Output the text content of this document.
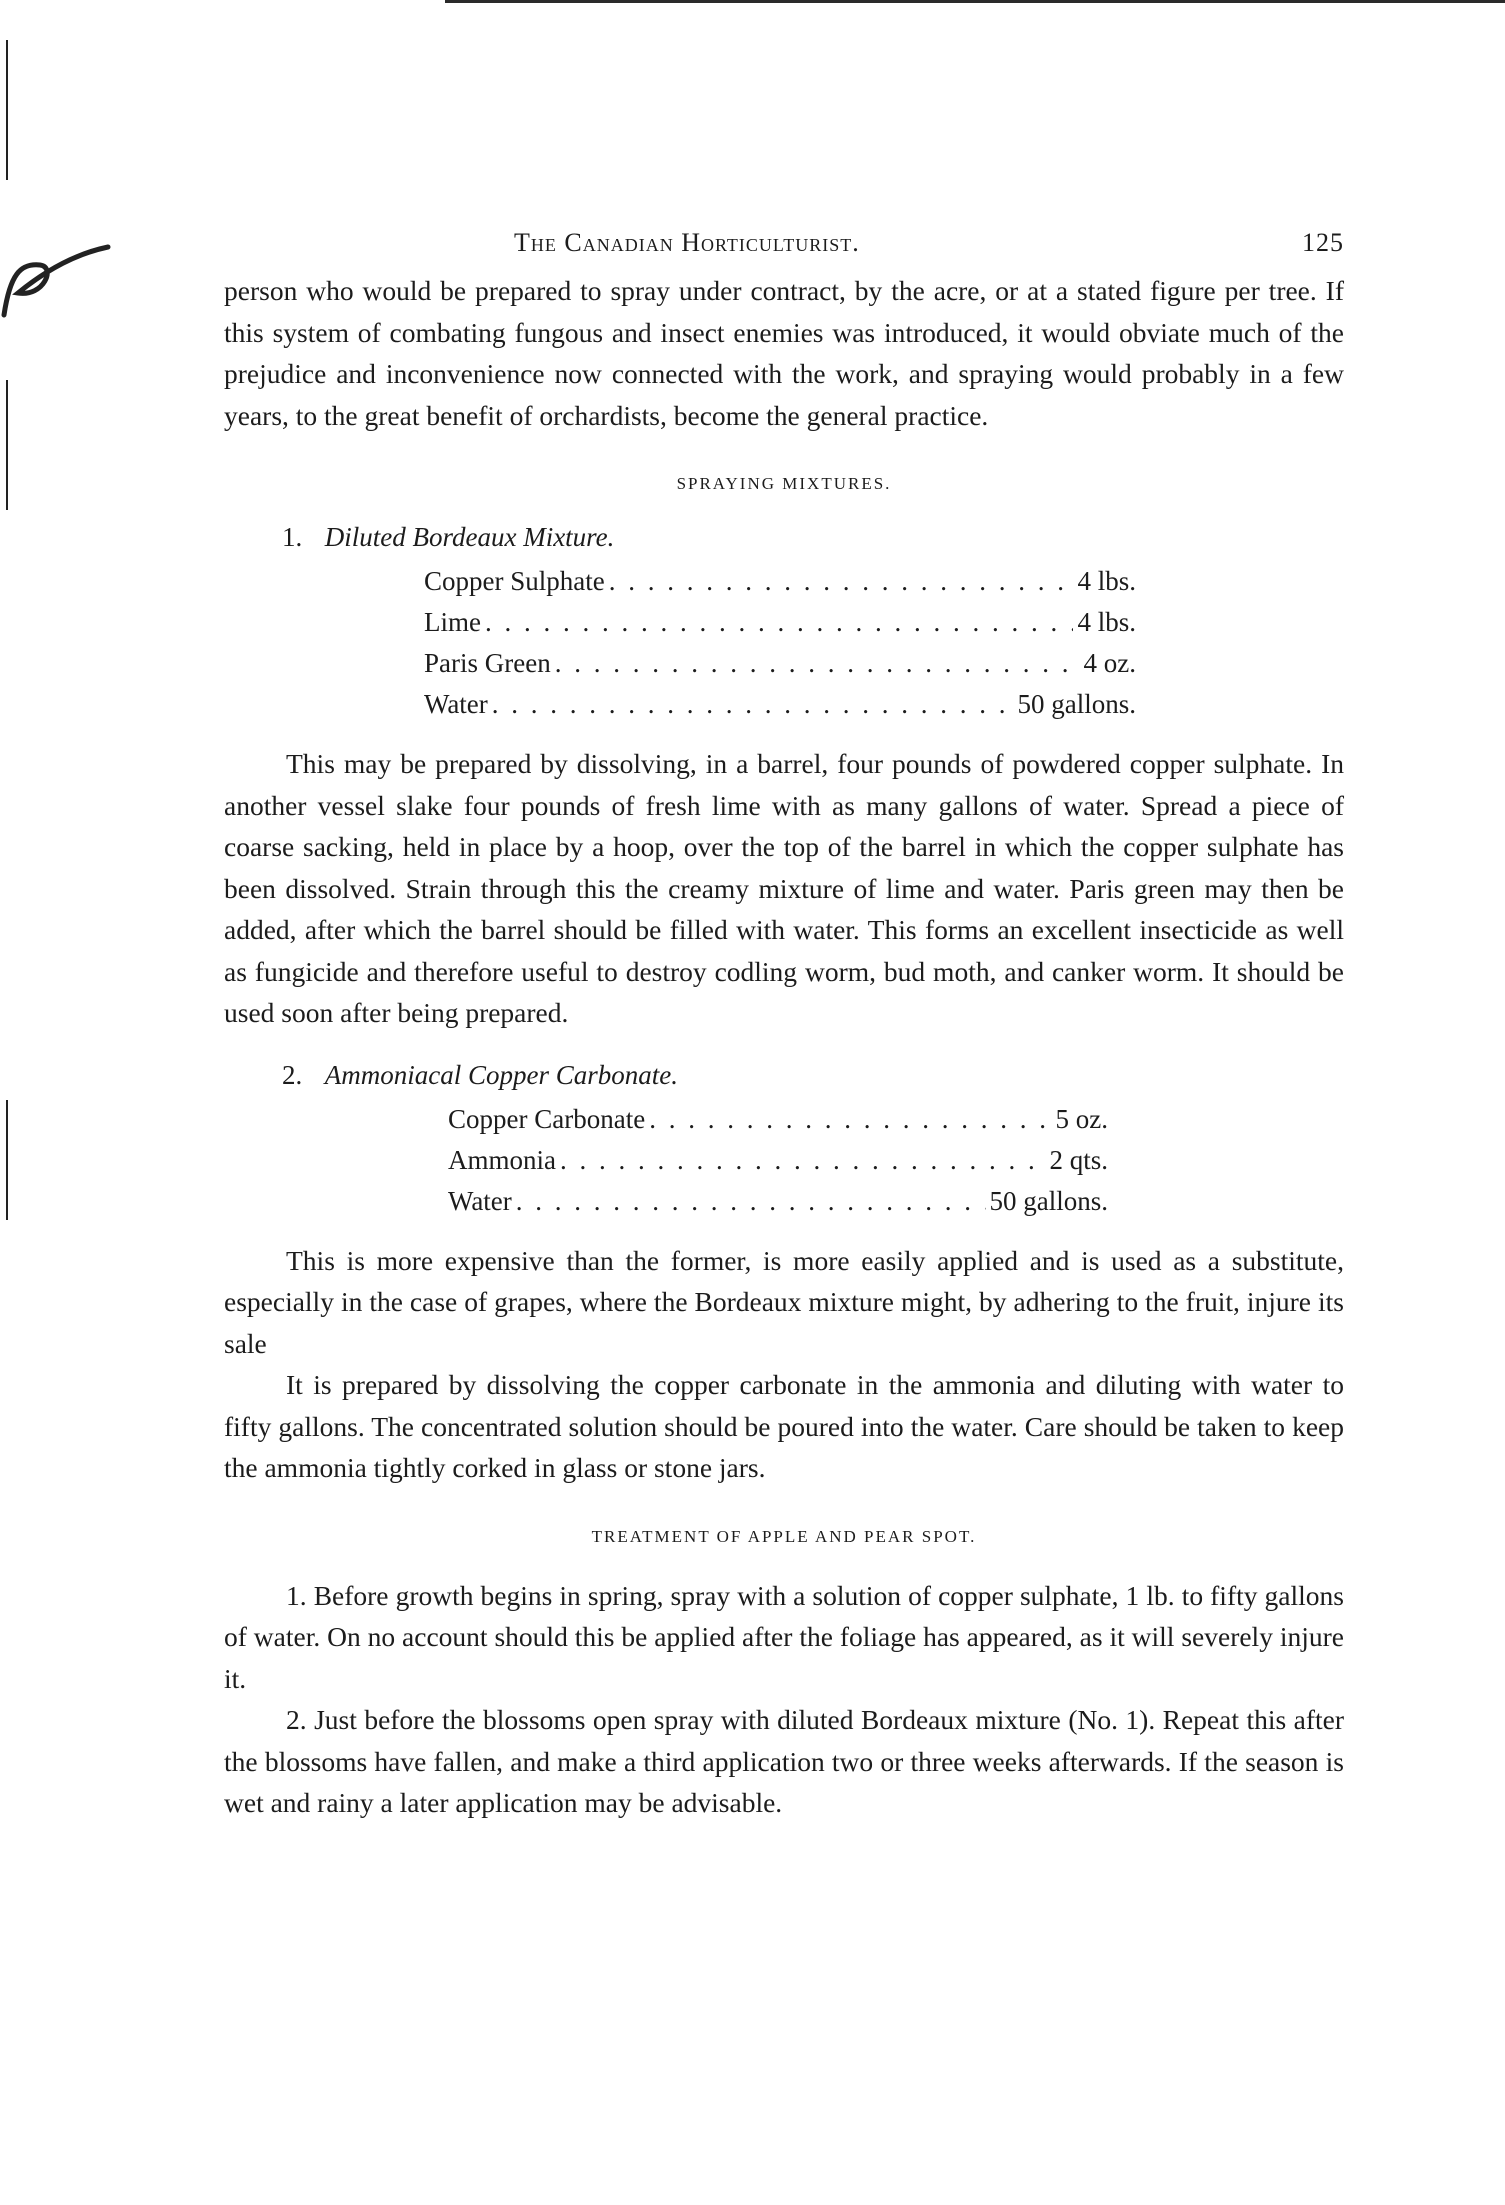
The Canadian Horticulturist.	125

person who would be prepared to spray under contract, by the acre, or at a stated figure per tree. If this system of combating fungous and insect enemies was introduced, it would obviate much of the prejudice and inconvenience now connected with the work, and spraying would probably in a few years, to the great benefit of orchardists, become the general practice.

SPRAYING MIXTURES.
1. Diluted Bordeaux Mixture.
Copper Sulphate . . .	4 lbs.
Lime . . .	4 lbs.
Paris Green . . .	4 oz.
Water . . .	50 gallons.

This may be prepared by dissolving, in a barrel, four pounds of powdered copper sulphate. In another vessel slake four pounds of fresh lime with as many gallons of water. Spread a piece of coarse sacking, held in place by a hoop, over the top of the barrel in which the copper sulphate has been dissolved. Strain through this the creamy mixture of lime and water. Paris green may then be added, after which the barrel should be filled with water. This forms an excellent insecticide as well as fungicide and therefore useful to destroy codling worm, bud moth, and canker worm. It should be used soon after being prepared.

2. Ammoniacal Copper Carbonate.
Copper Carbonate . . .	5 oz.
Ammonia . . .	2 qts.
Water . . .	50 gallons.

This is more expensive than the former, is more easily applied and is used as a substitute, especially in the case of grapes, where the Bordeaux mixture might, by adhering to the fruit, injure its sale

It is prepared by dissolving the copper carbonate in the ammonia and diluting with water to fifty gallons. The concentrated solution should be poured into the water. Care should be taken to keep the ammonia tightly corked in glass or stone jars.

TREATMENT OF APPLE AND PEAR SPOT.

1. Before growth begins in spring, spray with a solution of copper sulphate, 1 lb. to fifty gallons of water. On no account should this be applied after the foliage has appeared, as it will severely injure it.

2. Just before the blossoms open spray with diluted Bordeaux mixture (No. 1). Repeat this after the blossoms have fallen, and make a third application two or three weeks afterwards. If the season is wet and rainy a later application may be advisable.
